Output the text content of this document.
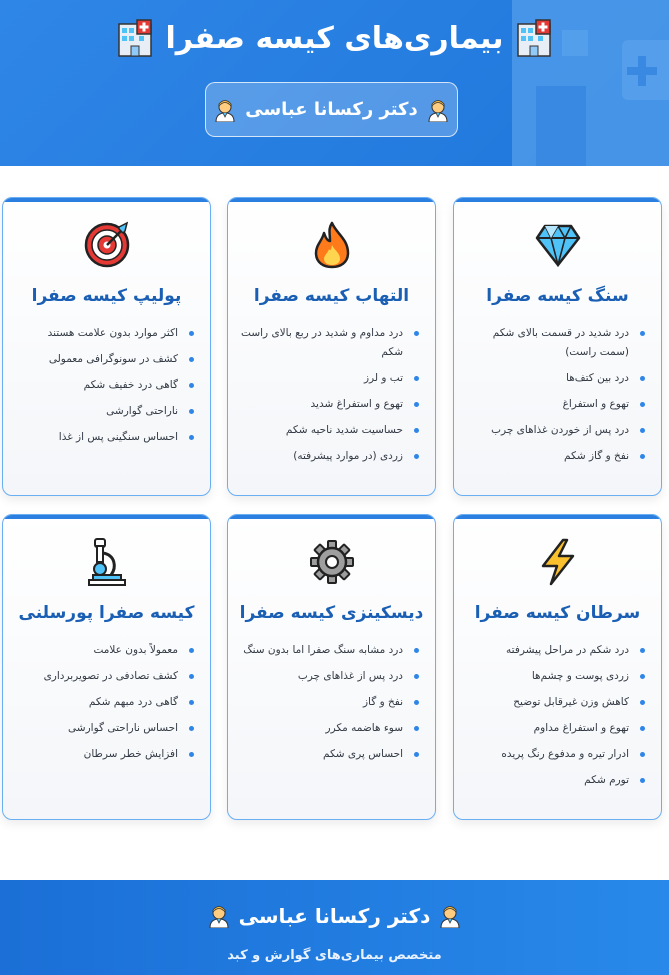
بیماری‌های کیسه صفرا
دکتر رکسانا عباسی
سنگ کیسه صفرا
درد شدید در قسمت بالای شکم (سمت راست)
درد بین کتف‌ها
تهوع و استفراغ
درد پس از خوردن غذاهای چرب
نفخ و گاز شکم
التهاب کیسه صفرا
درد مداوم و شدید در ربع بالای راست شکم
تب و لرز
تهوع و استفراغ شدید
حساسیت شدید ناحیه شکم
زردی (در موارد پیشرفته)
پولیپ کیسه صفرا
اکثر موارد بدون علامت هستند
کشف در سونوگرافی معمولی
گاهی درد خفیف شکم
ناراحتی گوارشی
احساس سنگینی پس از غذا
سرطان کیسه صفرا
درد شکم در مراحل پیشرفته
زردی پوست و چشم‌ها
کاهش وزن غیرقابل توضیح
تهوع و استفراغ مداوم
ادرار تیره و مدفوع رنگ پریده
تورم شکم
دیسکینزی کیسه صفرا
درد مشابه سنگ صفرا اما بدون سنگ
درد پس از غذاهای چرب
نفخ و گاز
سوء هاضمه مکرر
احساس پری شکم
کیسه صفرا پورسلنی
معمولاً بدون علامت
کشف تصادفی در تصویربرداری
گاهی درد مبهم شکم
احساس ناراحتی گوارشی
افزایش خطر سرطان
دکتر رکسانا عباسی
متخصص بیماری‌های گوارش و کبد
